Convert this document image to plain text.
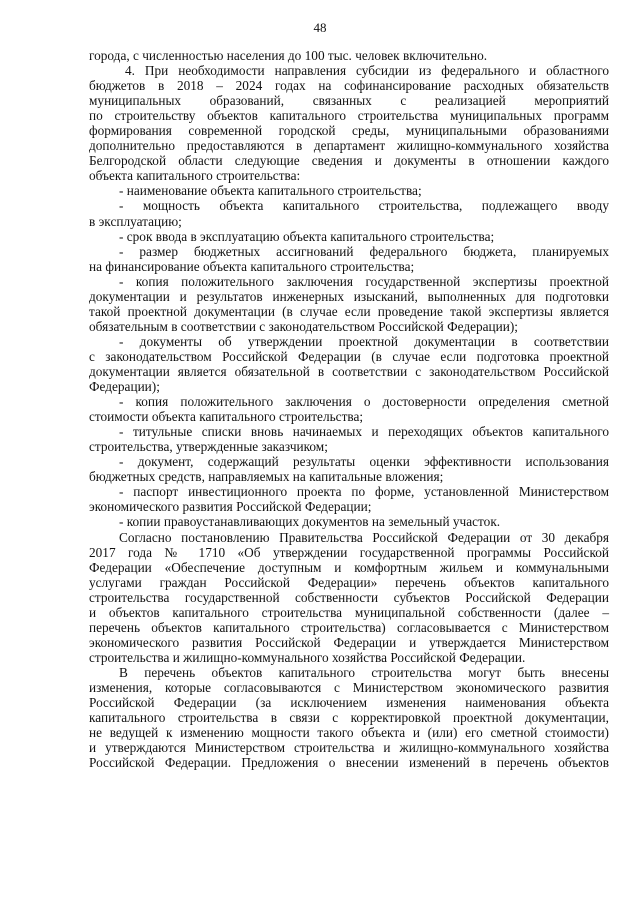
48
города, с численностью населения до 100 тыс. человек включительно.
4. При необходимости направления субсидии из федерального и областного
бюджетов в 2018 – 2024 годах на софинансирование расходных обязательств
муниципальных образований, связанных с реализацией мероприятий
по строительству объектов капитального строительства муниципальных программ
формирования современной городской среды, муниципальными образованиями
дополнительно предоставляются в департамент жилищно-коммунального хозяйства
Белгородской области следующие сведения и документы в отношении каждого
объекта капитального строительства:
- наименование объекта капитального строительства;
- мощность объекта капитального строительства, подлежащего вводу
в эксплуатацию;
- срок ввода в эксплуатацию объекта капитального строительства;
- размер бюджетных ассигнований федерального бюджета, планируемых
на финансирование объекта капитального строительства;
- копия положительного заключения государственной экспертизы проектной
документации и результатов инженерных изысканий, выполненных для подготовки
такой проектной документации (в случае если проведение такой экспертизы является
обязательным в соответствии с законодательством Российской Федерации);
- документы об утверждении проектной документации в соответствии
с законодательством Российской Федерации (в случае если подготовка проектной
документации является обязательной в соответствии с законодательством Российской
Федерации);
- копия положительного заключения о достоверности определения сметной
стоимости объекта капитального строительства;
- титульные списки вновь начинаемых и переходящих объектов капитального
строительства, утвержденные заказчиком;
- документ, содержащий результаты оценки эффективности использования
бюджетных средств, направляемых на капитальные вложения;
- паспорт инвестиционного проекта по форме, установленной Министерством
экономического развития Российской Федерации;
- копии правоустанавливающих документов на земельный участок.
Согласно постановлению Правительства Российской Федерации от 30 декабря
2017 года № 1710 «Об утверждении государственной программы Российской
Федерации «Обеспечение доступным и комфортным жильем и коммунальными
услугами граждан Российской Федерации» перечень объектов капитального
строительства государственной собственности субъектов Российской Федерации
и объектов капитального строительства муниципальной собственности (далее –
перечень объектов капитального строительства) согласовывается с Министерством
экономического развития Российской Федерации и утверждается Министерством
строительства и жилищно-коммунального хозяйства Российской Федерации.
В перечень объектов капитального строительства могут быть внесены
изменения, которые согласовываются с Министерством экономического развития
Российской Федерации (за исключением изменения наименования объекта
капитального строительства в связи с корректировкой проектной документации,
не ведущей к изменению мощности такого объекта и (или) его сметной стоимости)
и утверждаются Министерством строительства и жилищно-коммунального хозяйства
Российской Федерации. Предложения о внесении изменений в перечень объектов
